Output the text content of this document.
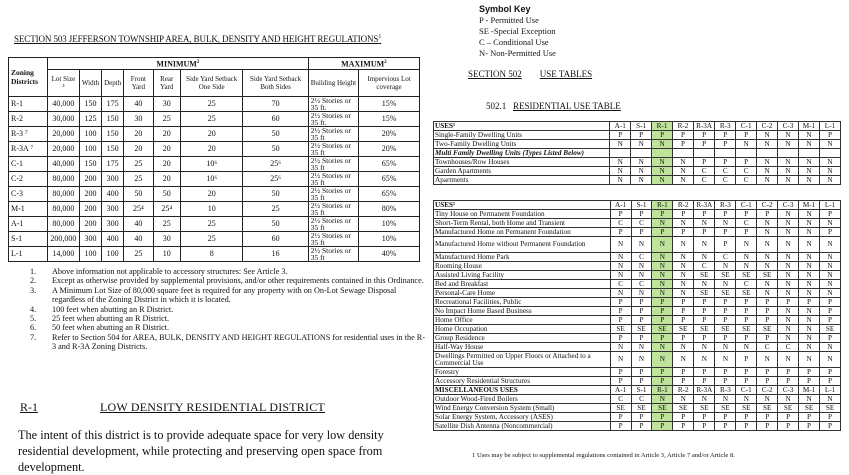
SECTION 503 JEFFERSON TOWNSHIP AREA, BULK, DENSITY AND HEIGHT REGULATIONS$^1$
Zoning Districts	MINIMUM$^2$							MAXIMUM$^2$
	Lot Size ³	Width	Depth	Front Yard	Rear Yard	Side Yard Setback One Side	Side Yard Setback Both Sides	Building Height	Impervious Lot coverage
R-1	40,000	150	175	40	30	25	70	2½ Stories or 35 ft.	15%
R-2	30,000	125	150	30	25	25	60	2½ Stories or 35 ft.	15%
R-3 ⁷	20,000	100	150	20	20	20	50	2½ Stories or 35 ft	20%
R-3A ⁷	20,000	100	150	20	20	20	50	2½ Stories or 35 ft	20%
C-1	40,000	150	175	25	20	10⁶	25⁶	2½ Stories or 35 ft	65%
C-2	80,000	200	300	25	20	10⁶	25⁶	2½ Stories or 35 ft	65%
C-3	80,000	200	400	50	50	20	50	2½ Stories or 35 ft	65%
M-1	80,000	200	300	25⁴	25⁴	10	25	2½ Stories or 35 ft	80%
A-1	80,000	200	300	40	25	25	50	2½ Stories or 35 ft	10%
S-1	200,000	300	400	40	30	25	60	2½ Stories or 35 ft	10%
L-1	14,000	100	100	25	10	8	16	2½ Stories or 35 ft	40%
1.	Above information not applicable to accessory structures: See Article 3.
2.	Except as otherwise provided by supplemental provisions, and/or other requirements contained in this Ordinance.
3.	A Minimum Lot Size of 80,000 square feet is required for any property with on On-Lot Sewage Disposal regardless of the Zoning District in which it is located.
4.	100 feet when abutting an R District.
5.	25 feet when abutting an R District.
6.	50 feet when abutting an R District.
7.	Refer to Section 504 for AREA, BULK, DENSITY AND HEIGHT REGULATIONS for residential uses in the R-3 and R-3A Zoning Districts.
R-1	LOW DENSITY RESIDENTIAL DISTRICT
The intent of this district is to provide adequate space for very low density residential development, while protecting and preserving open space from development.
Symbol Key
P - Permitted Use
SE -Special Exception
C – Conditional Use
N- Non-Permitted Use
SECTION 502 USE TABLES
502.1 RESIDENTIAL USE TABLE
USES¹	A-1	S-1	R-1	R-2	R-3A	R-3	C-1	C-2	C-3	M-1	L-1
Single-Family Dwelling Units	P	P	P	P	P	P	P	N	N	N	P
Two-Family Dwelling Units	N	N	N	P	P	P	N	N	N	N	N
Multi Family Dwelling Units (Types Listed Below)											
Townhouses/Row Houses	N	N	N	N	P	P	P	N	N	N	N
Garden Apartments	N	N	N	N	C	C	C	N	N	N	N
Apartments	N	N	N	N	C	C	C	N	N	N	N
USES¹	A-1	S-1	R-1	R-2	R-3A	R-3	C-1	C-2	C-3	M-1	L-1
Tiny House on Permanent Foundation	P	P	P	P	P	P	P	P	N	N	P
Short-Term Rental, both Home and Transient	C	C	N	N	N	N	C	N	N	N	N
Manufactured Home on Permanent Foundation	P	P	P	P	P	P	P	N	N	N	P
Manufactured Home without Permanent Foundation	N	N	N	N	N	P	N	N	N	N	N
Manufactured Home Park	N	C	N	N	N	C	N	N	N	N	N
Rooming House	N	N	N	N	C	N	N	N	N	N	N
Assisted Living Facility	N	N	N	N	SE	SE	SE	SE	N	N	N
Bed and Breakfast	C	C	N	N	N	N	C	N	N	N	N
Personal-Care Home	N	N	N	N	SE	SE	SE	N	N	N	N
Recreational Facilities, Public	P	P	P	P	P	P	P	P	P	P	P
No Impact Home Based Business	P	P	P	P	P	P	P	P	N	N	P
Home Office	P	P	P	P	P	P	P	P	N	N	P
Home Occupation	SE	SE	SE	SE	SE	SE	SE	SE	N	N	SE
Group Residence	P	P	P	P	P	P	P	P	N	N	P
Half-Way House	N	N	N	N	N	N	N	C	C	N	N
Dwellings Permitted on Upper Floors or Attached to a Commercial Use	N	N	N	N	N	N	P	N	N	N	N
Forestry	P	P	P	P	P	P	P	P	P	P	P
Accessory Residential Structures	P	P	P	P	P	P	P	P	P	P	P
MISCELLANEOUS USES	A-1	S-1	R-1	R-2	R-3A	R-3	C-1	C-2	C-3	M-1	L-1
Outdoor Wood-Fired Boilers	C	C	N	N	N	N	N	N	N	N	N
Wind Energy Conversion System (Small)	SE	SE	SE	SE	SE	SE	SE	SE	SE	SE	SE
Solar Energy System, Accessory (ASES)	P	P	P	P	P	P	P	P	P	P	P
Satellite Dish Antenna (Noncommercial)	P	P	P	P	P	P	P	P	P	P	P
1 Uses may be subject to supplemental regulations contained in Article 3, Article 7 and/or Article 8.
